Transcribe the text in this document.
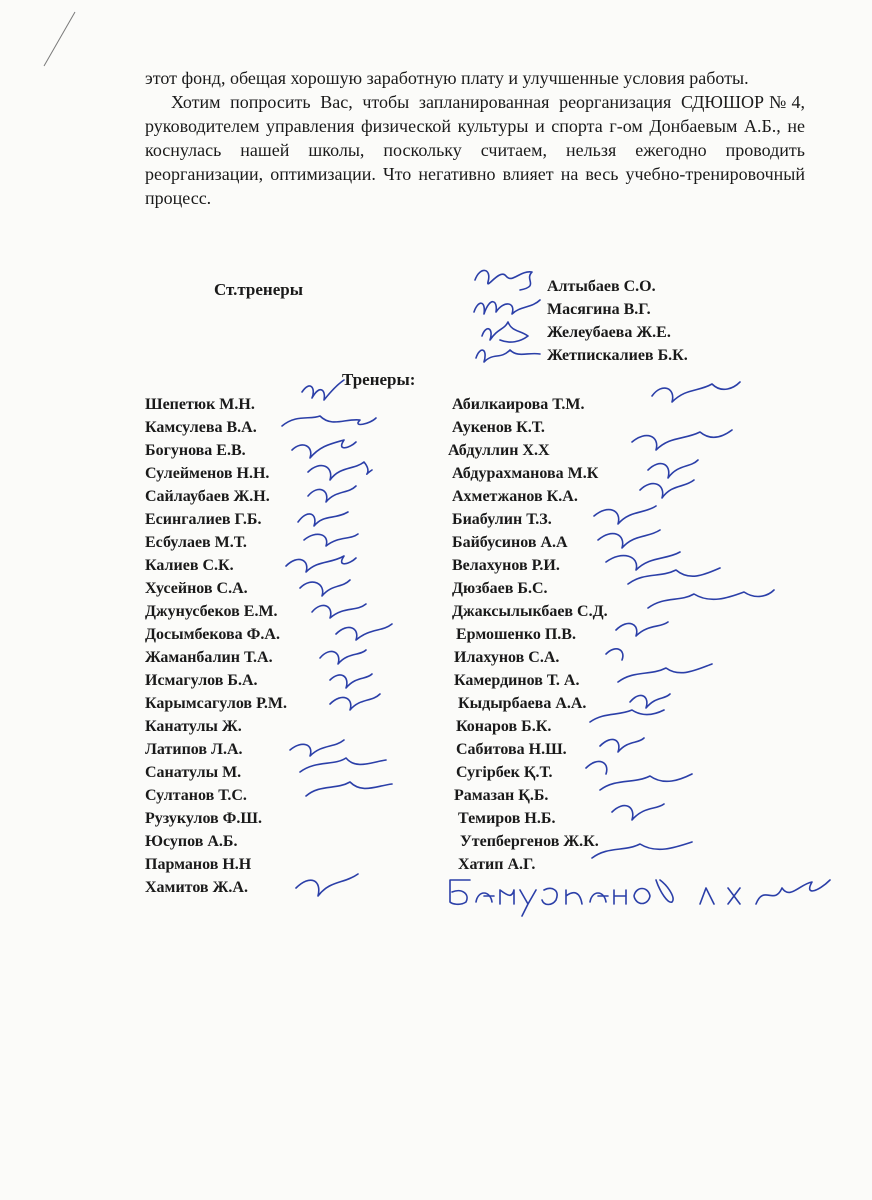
этот фонд, обещая хорошую заработную плату и улучшенные условия работы.

Хотим попросить Вас, чтобы запланированная реорганизация СДЮШОР№4, руководителем управления физической культуры и спорта г-ом Донбаевым А.Б., не коснулась нашей школы, поскольку считаем, нельзя ежегодно проводить реорганизации, оптимизации. Что негативно влияет на весь учебно-тренировочный процесс.

Ст.тренеры	Алтыбаев С.О.
Масягина В.Г.
Желеубаева Ж.Е.
Жетпискалиев Б.К.
Тренеры:
Шепетюк М.Н.
Камсулева В.А.
Богунова Е.В.
Сулейменов Н.Н.
Сайлаубаев Ж.Н.
Есингалиев Г.Б.
Есбулаев М.Т.
Калиев С.К.
Хусейнов С.А.
Джунусбеков Е.М.
Досымбекова Ф.А.
Жаманбалин Т.А.
Исмагулов Б.А.
Карымсагулов Р.М.
Канатулы Ж.
Латипов Л.А.
Санатулы М.
Султанов Т.С.
Рузукулов Ф.Ш.
Юсупов А.Б.
Парманов Н.Н
Хамитов Ж.А.
Абилкаирова Т.М.
Аукенов К.Т.
Абдуллин Х.Х
Абдурахманова М.К
Ахметжанов К.А.
Биабулин Т.З.
Байбусинов А.А
Велахунов Р.И.
Дюзбаев Б.С.
Джаксылыкбаев С.Д.
Ермошенко П.В.
Илахунов С.А.
Камердинов Т. А.
Кыдырбаева А.А.
Конаров Б.К.
Сабитова Н.Ш.
Сугірбек Қ.Т.
Рамазан Қ.Б.
Темиров Н.Б.
Утепбергенов Ж.К.
Хатип А.Г.
